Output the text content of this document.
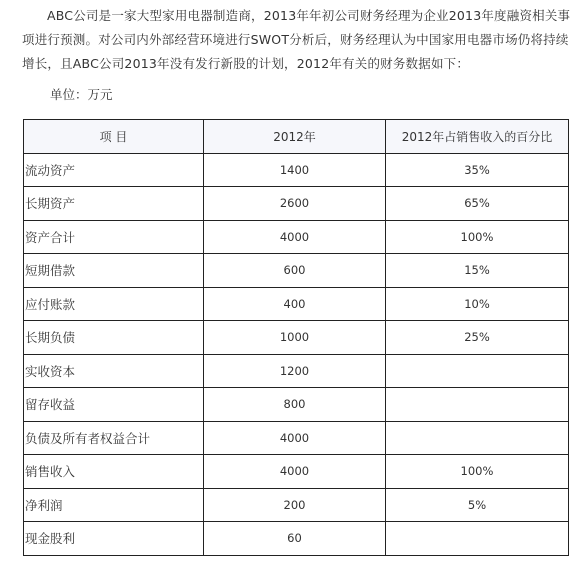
ABC公司是一家大型家用电器制造商，2013年年初公司财务经理为企业2013年度融资相关事项进行预测。对公司内外部经营环境进行SWOT分析后，财务经理认为中国家用电器市场仍将持续增长，且ABC公司2013年没有发行新股的计划，2012年有关的财务数据如下：
单位：万元
项 目	2012年	2012年占销售收入的百分比
流动资产	1400	35%
长期资产	2600	65%
资产合计	4000	100%
短期借款	600	15%
应付账款	400	10%
长期负债	1000	25%
实收资本	1200	
留存收益	800	
负债及所有者权益合计	4000	
销售收入	4000	100%
净利润	200	5%
现金股利	60	
